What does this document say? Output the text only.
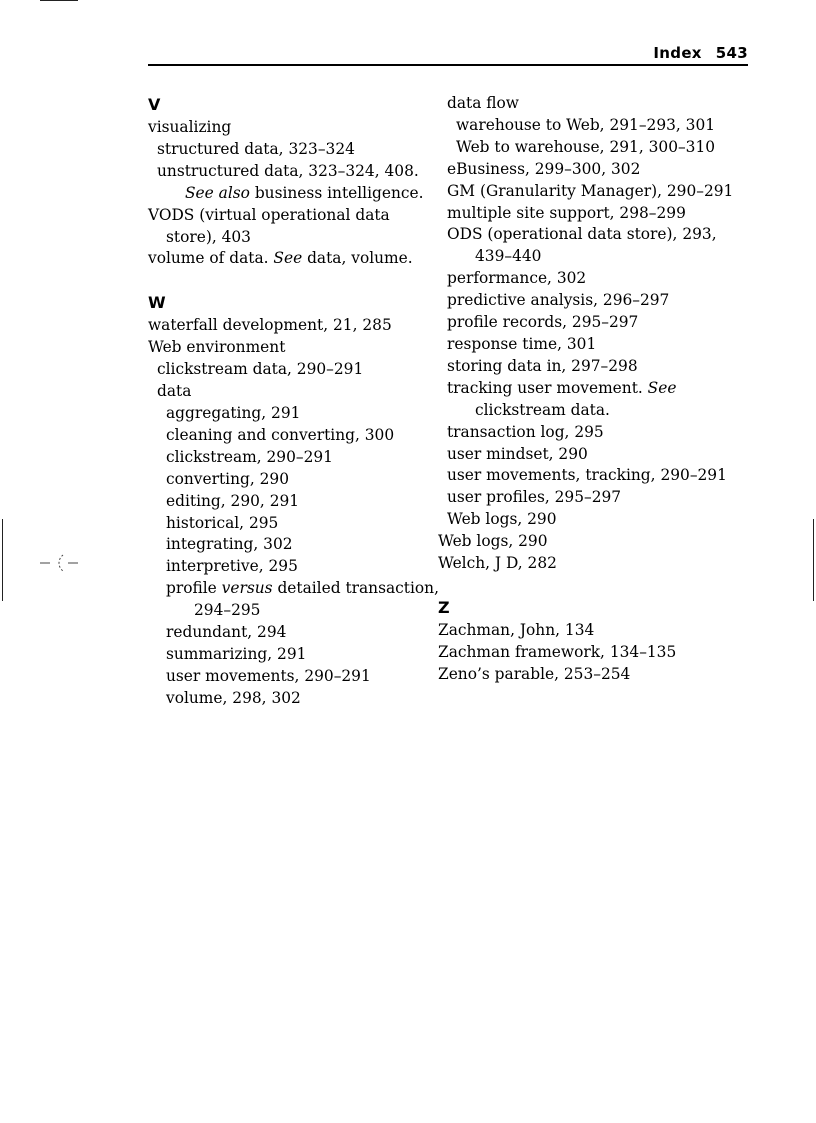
Index 543
V
visualizing
structured data, 323–324
unstructured data, 323–324, 408.
See also business intelligence.
VODS (virtual operational data
store), 403
volume of data. See data, volume.
W
waterfall development, 21, 285
Web environment
clickstream data, 290–291
data
aggregating, 291
cleaning and converting, 300
clickstream, 290–291
converting, 290
editing, 290, 291
historical, 295
integrating, 302
interpretive, 295
profile versus detailed transaction,
294–295
redundant, 294
summarizing, 291
user movements, 290–291
volume, 298, 302
data flow
warehouse to Web, 291–293, 301
Web to warehouse, 291, 300–310
eBusiness, 299–300, 302
GM (Granularity Manager), 290–291
multiple site support, 298–299
ODS (operational data store), 293,
439–440
performance, 302
predictive analysis, 296–297
profile records, 295–297
response time, 301
storing data in, 297–298
tracking user movement. See
clickstream data.
transaction log, 295
user mindset, 290
user movements, tracking, 290–291
user profiles, 295–297
Web logs, 290
Web logs, 290
Welch, J D, 282
Z
Zachman, John, 134
Zachman framework, 134–135
Zeno’s parable, 253–254
